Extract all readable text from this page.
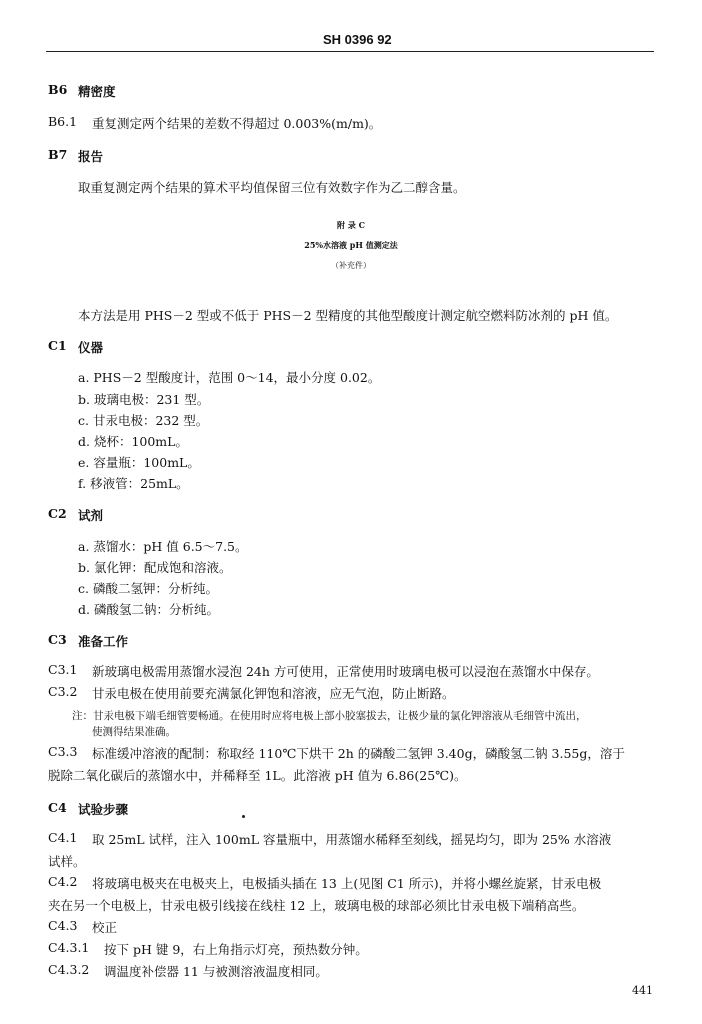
SH 0396 92
B6 精密度
B6.1 重复测定两个结果的差数不得超过 0.003%(m/m)。
B7 报告
取重复测定两个结果的算术平均值保留三位有效数字作为乙二醇含量。
附 录 C
25%水溶液 pH 值测定法
（补充件）
本方法是用 PHS－2 型或不低于 PHS－2 型精度的其他型酸度计测定航空燃料防冰剂的 pH 值。
C1 仪器
a. PHS－2 型酸度计，范围 0～14，最小分度 0.02。
b. 玻璃电极：231 型。
c. 甘汞电极：232 型。
d. 烧杯：100mL。
e. 容量瓶：100mL。
f. 移液管：25mL。
C2 试剂
a. 蒸馏水：pH 值 6.5～7.5。
b. 氯化钾：配成饱和溶液。
c. 磷酸二氢钾：分析纯。
d. 磷酸氢二钠：分析纯。
C3 准备工作
C3.1 新玻璃电极需用蒸馏水浸泡 24h 方可使用，正常使用时玻璃电极可以浸泡在蒸馏水中保存。
C3.2 甘汞电极在使用前要充满氯化钾饱和溶液，应无气泡，防止断路。
注：甘汞电极下端毛细管要畅通。在使用时应将电极上部小胶塞拔去，让极少量的氯化钾溶液从毛细管中流出，
使测得结果准确。
C3.3 标准缓冲溶液的配制：称取经 110℃下烘干 2h 的磷酸二氢钾 3.40g，磷酸氢二钠 3.55g，溶于
脱除二氧化碳后的蒸馏水中，并稀释至 1L。此溶液 pH 值为 6.86(25℃)。
C4 试验步骤
C4.1 取 25mL 试样，注入 100mL 容量瓶中，用蒸馏水稀释至刻线，摇晃均匀，即为 25% 水溶液
试样。
C4.2 将玻璃电极夹在电极夹上，电极插头插在 13 上(见图 C1 所示)，并将小螺丝旋紧，甘汞电极
夹在另一个电极上，甘汞电极引线接在线柱 12 上，玻璃电极的球部必须比甘汞电极下端稍高些。
C4.3 校正
C4.3.1 按下 pH 键 9，右上角指示灯亮，预热数分钟。
C4.3.2 调温度补偿器 11 与被测溶液温度相同。
441
